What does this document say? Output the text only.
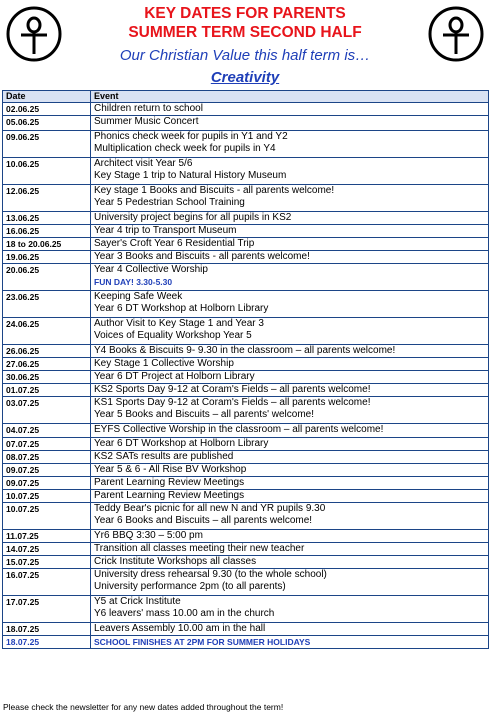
KEY DATES FOR PARENTS
SUMMER TERM SECOND HALF
Our Christian Value this half term is…
Creativity
Date	Event
02.06.25	Children return to school

05.06.25	Summer Music Concert

09.06.25	Phonics check week for pupils in Y1 and Y2
Multiplication check week for pupils in Y4

10.06.25	Architect visit Year 5/6
Key Stage 1 trip to Natural History Museum

12.06.25	Key stage 1 Books and Biscuits - all parents welcome!
Year 5 Pedestrian School Training

13.06.25	University project begins for all pupils in KS2

16.06.25	Year 4 trip to Transport Museum

18 to 20.06.25	Sayer's Croft Year 6 Residential Trip

19.06.25	Year 3 Books and Biscuits - all parents welcome!

20.06.25	Year 4 Collective Worship
FUN DAY! 3.30-5.30

23.06.25	Keeping Safe Week
Year 6 DT Workshop at Holborn Library

24.06.25	Author Visit to Key Stage 1 and Year 3
Voices of Equality Workshop Year 5

26.06.25	Y4 Books & Biscuits 9- 9.30 in the classroom – all parents welcome!

27.06.25	Key Stage 1 Collective Worship

30.06.25	Year 6 DT Project at Holborn Library

01.07.25	KS2 Sports Day 9-12 at Coram's Fields – all parents welcome!

03.07.25	KS1 Sports Day 9-12 at Coram's Fields – all parents welcome!
Year 5 Books and Biscuits – all parents' welcome!

04.07.25	EYFS Collective Worship in the classroom – all parents welcome!

07.07.25	Year 6 DT Workshop at Holborn Library

08.07.25	KS2 SATs results are published

09.07.25	Year 5 & 6 - All Rise BV Workshop

09.07.25	Parent Learning Review Meetings

10.07.25	Parent Learning Review Meetings

10.07.25	Teddy Bear's picnic for all new N and YR pupils 9.30
Year 6 Books and Biscuits – all parents welcome!

11.07.25	Yr6 BBQ 3:30 – 5:00 pm

14.07.25	Transition all classes meeting their new teacher

15.07.25	Crick Institute Workshops all classes

16.07.25	University dress rehearsal 9.30 (to the whole school)
University performance 2pm (to all parents)

17.07.25	Y5 at Crick Institute
Y6 leavers' mass 10.00 am in the church

18.07.25	Leavers Assembly 10.00 am in the hall

18.07.25	SCHOOL FINISHES AT 2PM FOR SUMMER HOLIDAYS
Please check the newsletter for any new dates added throughout the term!
